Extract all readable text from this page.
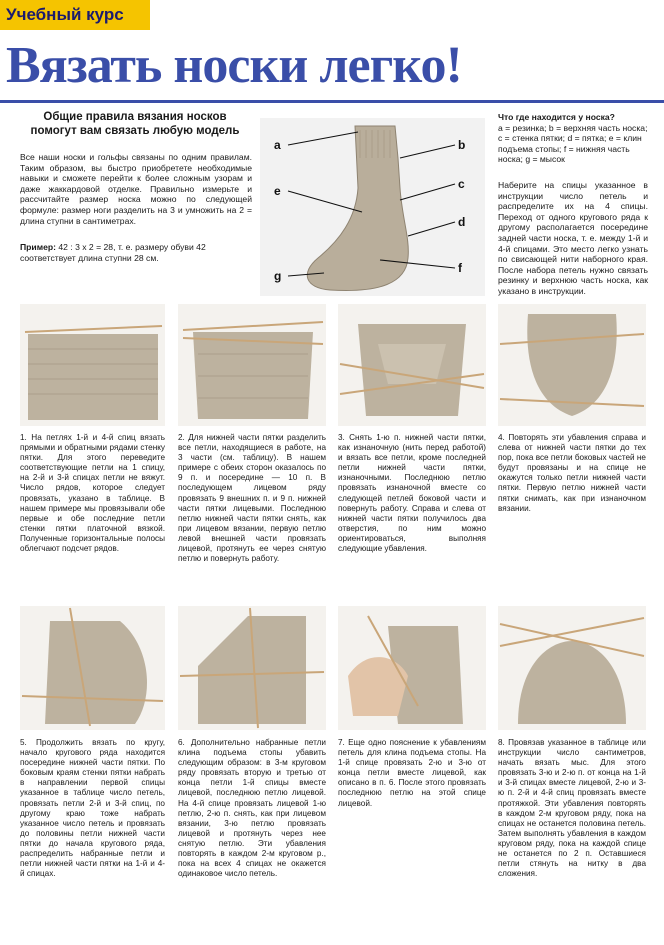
Учебный курс
Вязать носки легко!
Общие правила вязания носков помогут вам связать любую модель
Все наши носки и гольфы связаны по одним правилам. Таким образом, вы быстро приобретете необходимые навыки и сможете перейти к более сложным узорам и даже жаккардовой отделке. Правильно измерьте и рассчитайте размер носка можно по следующей формуле: размер ноги разделить на 3 и умножить на 2 = длина ступни в сантиметрах.
Пример: 42 : 3 х 2 = 28, т. е. размеру обуви 42 соответствует длина ступни 28 см.
a	b
c
d
e
f
g
Что где находится у носка?
а = резинка; b = верхняя часть носка; с = стенка пятки; d = пятка; е = клин подъема стопы; f = нижняя часть носка; g = мысок
Наберите на спицы указанное в инструкции число петель и распределите их на 4 спицы. Переход от одного кругового ряда к другому располагается посередине задней части носка, т. е. между 1-й и 4-й спицами. Это место легко узнать по свисающей нити наборного края. После набора петель нужно связать резинку и верхнюю часть носка, как указано в инструкции.
1. На петлях 1-й и 4-й спиц вязать прямыми и обратными рядами стенку пятки. Для этого переведите соответствующие петли на 1 спицу, на 2-й и 3-й спицах петли не вяжут. Число рядов, которое следует провязать, указано в таблице. В нашем примере мы провязывали обе первые и обе последние петли стенки пятки платочной вязкой. Полученные горизонтальные полосы облегчают подсчет рядов.
2. Для нижней части пятки разделить все петли, находящиеся в работе, на 3 части (см. таблицу). В нашем примере с обеих сторон оказалось по 9 п. и посередине — 10 п. В последующем лицевом ряду провязать 9 внешних п. и 9 п. нижней части пятки лицевыми. Последнюю петлю нижней части пятки снять, как при лицевом вязании, первую петлю левой внешней части провязать лицевой, протянуть ее через снятую петлю и повернуть работу.
3. Снять 1-ю п. нижней части пятки, как изнаночную (нить перед работой) и вязать все петли, кроме последней петли нижней части пятки, изнаночными. Последнюю петлю провязать изнаночной вместе со следующей петлей боковой части и повернуть работу. Справа и слева от нижней части пятки получилось два отверстия, по ним можно ориентироваться, выполняя следующие убавления.
4. Повторять эти убавления справа и слева от нижней части пятки до тех пор, пока все петли боковых частей не будут провязаны и на спице не окажутся только петли нижней части пятки. Первую петлю нижней части пятки снимать, как при изнаночном вязании.
5. Продолжить вязать по кругу, начало кругового ряда находится посередине нижней части пятки. По боковым краям стенки пятки набрать в направлении первой спицы указанное в таблице число петель, провязать петли 2-й и 3-й спиц, по другому краю тоже набрать указанное число петель и провязать до половины петли нижней части пятки до начала кругового ряда, распределить набранные петли и петли нижней части пятки на 1-й и 4-й спицах.
6. Дополнительно набранные петли клина подъема стопы убавить следующим образом: в 3-м круговом ряду провязать вторую и третью от конца петли 1-й спицы вместе лицевой, последнюю петлю лицевой. На 4-й спице провязать лицевой 1-ю петлю, 2-ю п. снять, как при лицевом вязании, 3-ю петлю провязать лицевой и протянуть через нее снятую петлю. Эти убавления повторять в каждом 2-м круговом р., пока на всех 4 спицах не окажется одинаковое число петель.
7. Еще одно пояснение к убавлениям петель для клина подъема стопы. На 1-й спице провязать 2-ю и 3-ю от конца петли вместе лицевой, как описано в п. 6. После этого провязать последнюю петлю на этой спице лицевой.
8. Провязав указанное в таблице или инструкции число сантиметров, начать вязать мыс. Для этого провязать 3-ю и 2-ю п. от конца на 1-й и 3-й спицах вместе лицевой, 2-ю и 3-ю п. 2-й и 4-й спиц провязать вместе протяжкой. Эти убавления повторять в каждом 2-м круговом ряду, пока на спицах не останется половина петель. Затем выполнять убавления в каждом круговом ряду, пока на каждой спице не останется по 2 п. Оставшиеся петли стянуть на нитку в два сложения.
